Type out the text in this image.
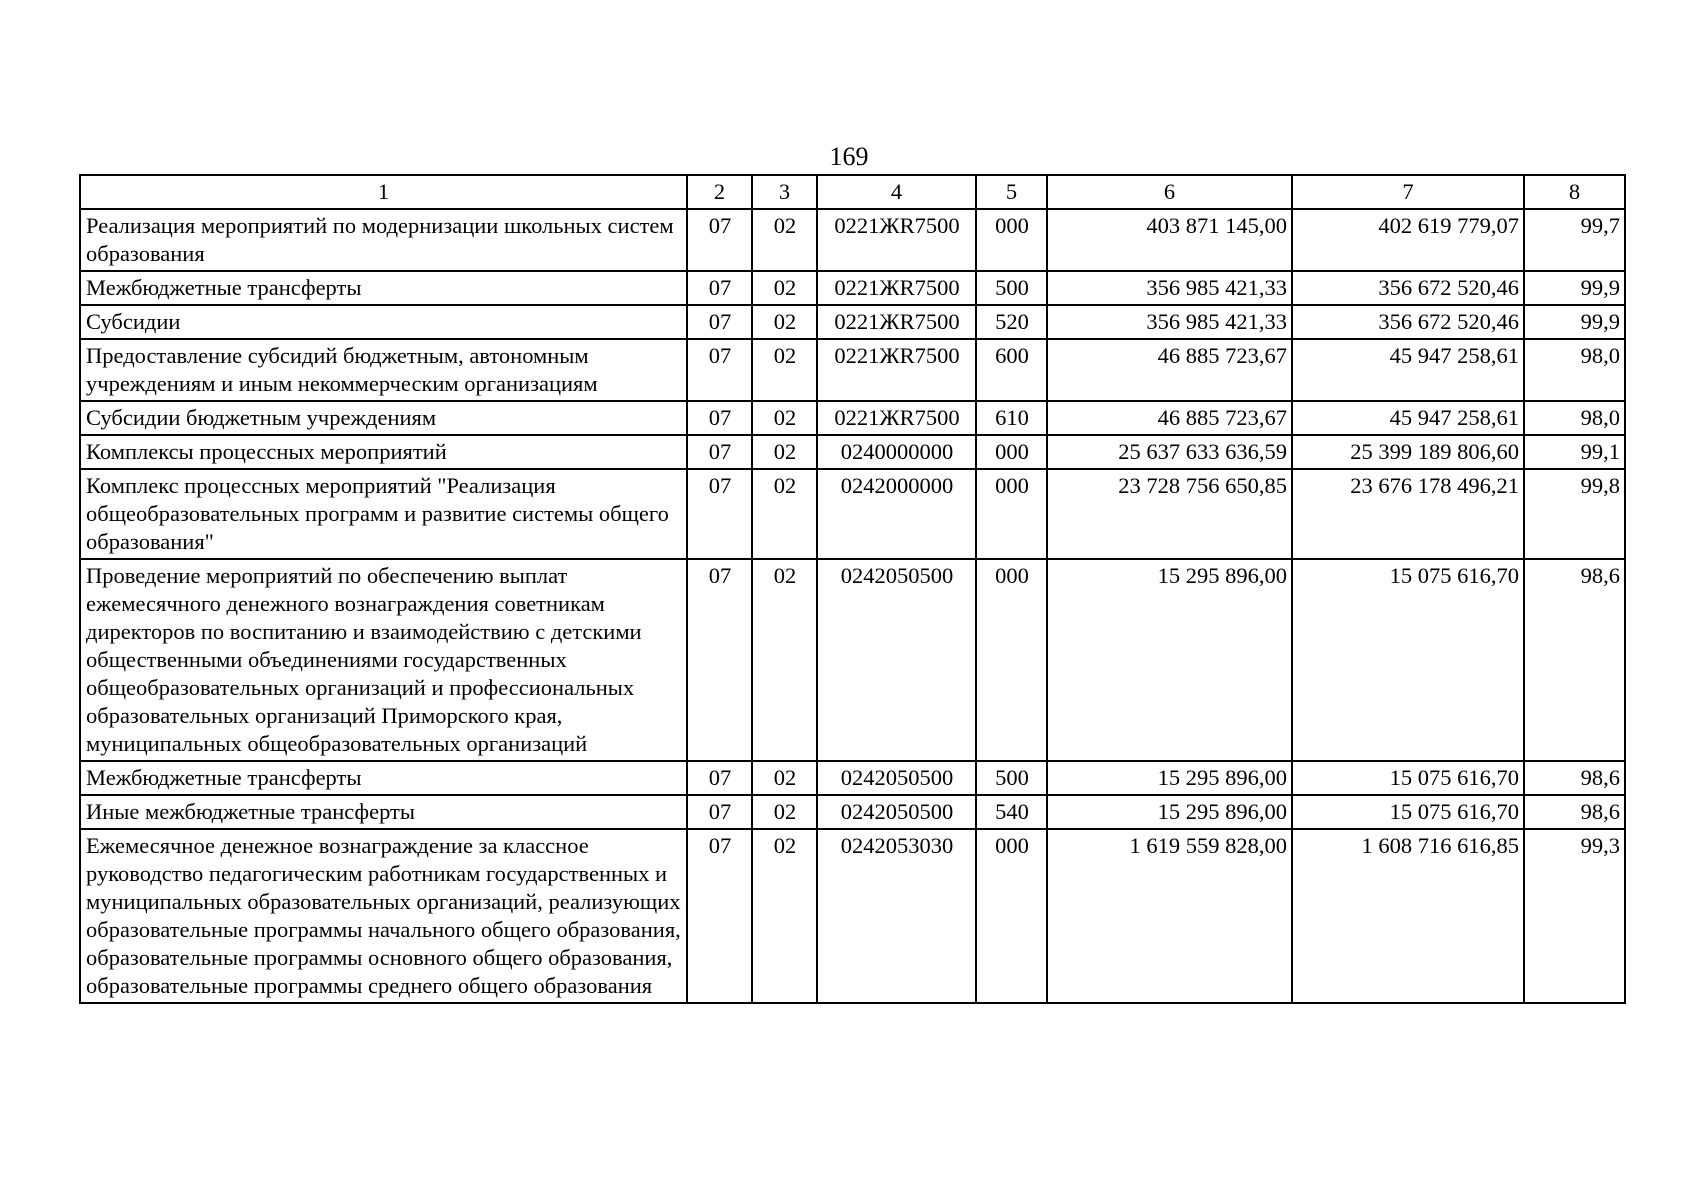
169
1	2	3	4	5	6	7	8
Реализация мероприятий по модернизации школьных систем образования	07	02	0221ЖR7500	000	403 871 145,00	402 619 779,07	99,7
Межбюджетные трансферты	07	02	0221ЖR7500	500	356 985 421,33	356 672 520,46	99,9
Субсидии	07	02	0221ЖR7500	520	356 985 421,33	356 672 520,46	99,9
Предоставление субсидий бюджетным, автономным учреждениям и иным некоммерческим организациям	07	02	0221ЖR7500	600	46 885 723,67	45 947 258,61	98,0
Субсидии бюджетным учреждениям	07	02	0221ЖR7500	610	46 885 723,67	45 947 258,61	98,0
Комплексы процессных мероприятий	07	02	0240000000	000	25 637 633 636,59	25 399 189 806,60	99,1
Комплекс процессных мероприятий "Реализация общеобразовательных программ и развитие системы общего образования"	07	02	0242000000	000	23 728 756 650,85	23 676 178 496,21	99,8
Проведение мероприятий по обеспечению выплат ежемесячного денежного вознаграждения советникам директоров по воспитанию и взаимодействию с детскими общественными объединениями государственных общеобразовательных организаций и профессиональных образовательных организаций Приморского края, муниципальных общеобразовательных организаций	07	02	0242050500	000	15 295 896,00	15 075 616,70	98,6
Межбюджетные трансферты	07	02	0242050500	500	15 295 896,00	15 075 616,70	98,6
Иные межбюджетные трансферты	07	02	0242050500	540	15 295 896,00	15 075 616,70	98,6
Ежемесячное денежное вознаграждение за классное руководство педагогическим работникам государственных и муниципальных образовательных организаций, реализующих образовательные программы начального общего образования, образовательные программы основного общего образования, образовательные программы среднего общего образования	07	02	0242053030	000	1 619 559 828,00	1 608 716 616,85	99,3
